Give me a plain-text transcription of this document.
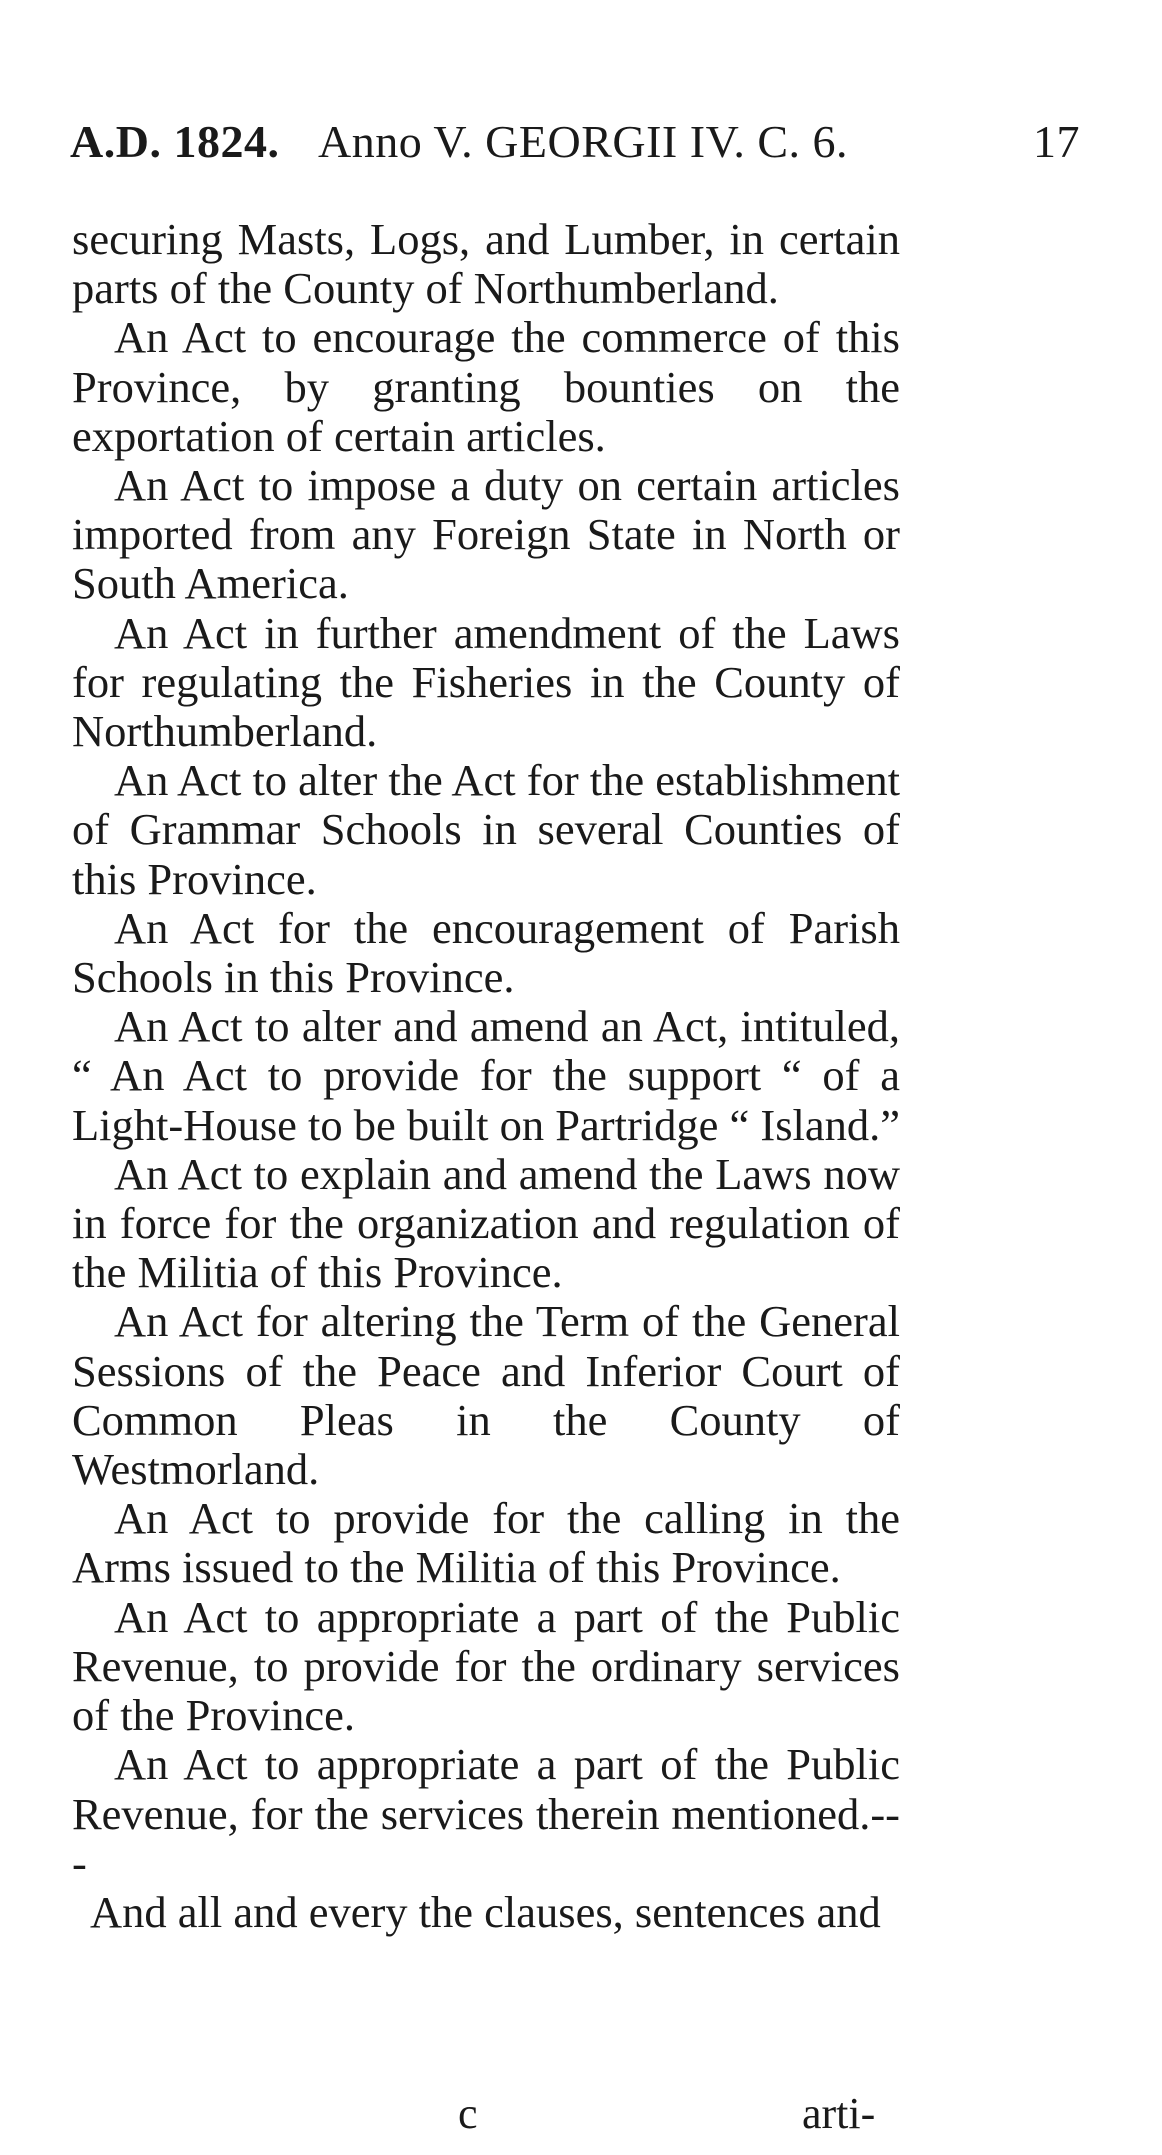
A.D. 1824. Anno V. GEORGII IV. C. 6.	17

securing Masts, Logs, and Lumber, in certain parts of the County of Northumberland.

An Act to encourage the commerce of this Province, by granting bounties on the exportation of certain articles.

An Act to impose a duty on certain articles imported from any Foreign State in North or South America.

An Act in further amendment of the Laws for regulating the Fisheries in the County of Northumberland.

An Act to alter the Act for the establishment of Grammar Schools in several Counties of this Province.

An Act for the encouragement of Parish Schools in this Province.

An Act to alter and amend an Act, intituled, “ An Act to provide for the support “ of a Light-House to be built on Partridge “ Island.”

An Act to explain and amend the Laws now in force for the organization and regulation of the Militia of this Province.

An Act for altering the Term of the General Sessions of the Peace and Inferior Court of Common Pleas in the County of Westmorland.

An Act to provide for the calling in the Arms issued to the Militia of this Province.

An Act to appropriate a part of the Public Revenue, to provide for the ordinary services of the Province.

An Act to appropriate a part of the Public Revenue, for the services therein mentioned.---

And all and every the clauses, sentences and

c	arti-
